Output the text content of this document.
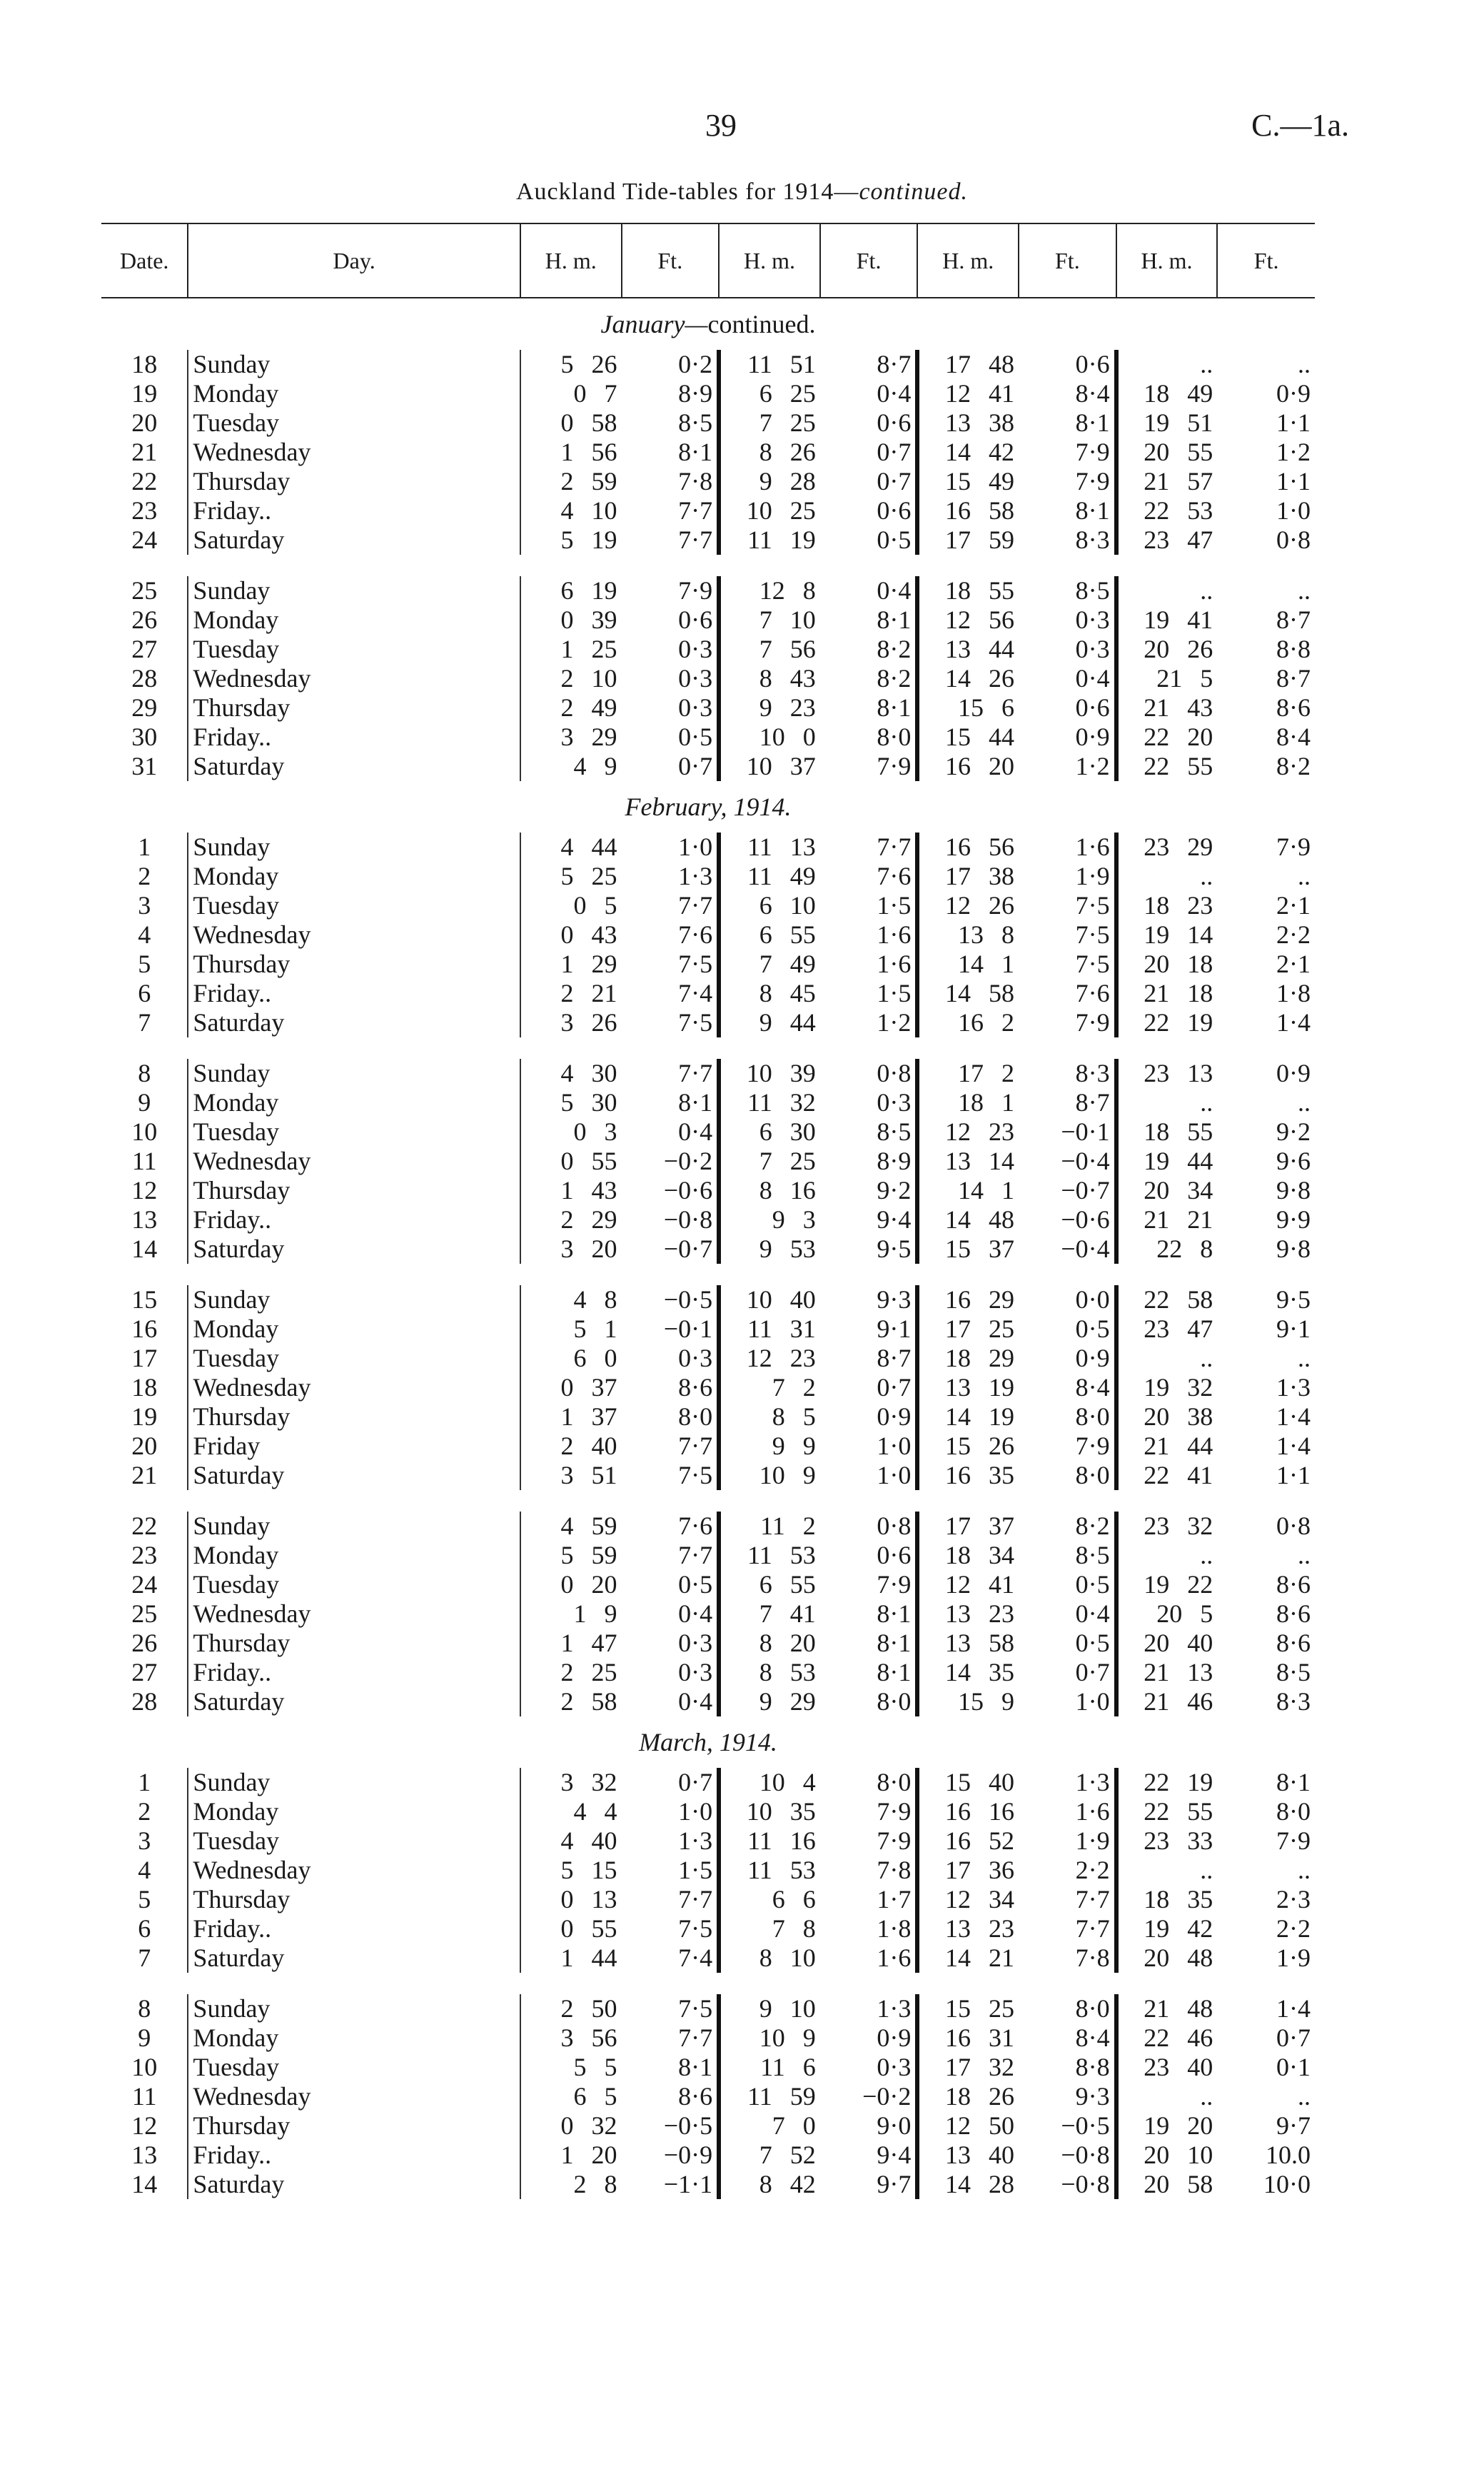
39	C.—1a.
Auckland Tide-tables for 1914—continued.
Date.	Day.	H. m.	Ft.	H. m.	Ft.	H. m.	Ft.	H. m.	Ft.
January—continued.									
18	Sunday	5 26	0·2	11 51	8·7	17 48	0·6	..	..
19	Monday	0 7	8·9	6 25	0·4	12 41	8·4	18 49	0·9
20	Tuesday	0 58	8·5	7 25	0·6	13 38	8·1	19 51	1·1
21	Wednesday	1 56	8·1	8 26	0·7	14 42	7·9	20 55	1·2
22	Thursday	2 59	7·8	9 28	0·7	15 49	7·9	21 57	1·1
23	Friday..	4 10	7·7	10 25	0·6	16 58	8·1	22 53	1·0
24	Saturday	5 19	7·7	11 19	0·5	17 59	8·3	23 47	0·8

25	Sunday	6 19	7·9	12 8	0·4	18 55	8·5	..	..
26	Monday	0 39	0·6	7 10	8·1	12 56	0·3	19 41	8·7
27	Tuesday	1 25	0·3	7 56	8·2	13 44	0·3	20 26	8·8
28	Wednesday	2 10	0·3	8 43	8·2	14 26	0·4	21 5	8·7
29	Thursday	2 49	0·3	9 23	8·1	15 6	0·6	21 43	8·6
30	Friday..	3 29	0·5	10 0	8·0	15 44	0·9	22 20	8·4
31	Saturday	4 9	0·7	10 37	7·9	16 20	1·2	22 55	8·2
February, 1914.									
1	Sunday	4 44	1·0	11 13	7·7	16 56	1·6	23 29	7·9
2	Monday	5 25	1·3	11 49	7·6	17 38	1·9	..	..
3	Tuesday	0 5	7·7	6 10	1·5	12 26	7·5	18 23	2·1
4	Wednesday	0 43	7·6	6 55	1·6	13 8	7·5	19 14	2·2
5	Thursday	1 29	7·5	7 49	1·6	14 1	7·5	20 18	2·1
6	Friday..	2 21	7·4	8 45	1·5	14 58	7·6	21 18	1·8
7	Saturday	3 26	7·5	9 44	1·2	16 2	7·9	22 19	1·4

8	Sunday	4 30	7·7	10 39	0·8	17 2	8·3	23 13	0·9
9	Monday	5 30	8·1	11 32	0·3	18 1	8·7	..	..
10	Tuesday	0 3	0·4	6 30	8·5	12 23	−0·1	18 55	9·2
11	Wednesday	0 55	−0·2	7 25	8·9	13 14	−0·4	19 44	9·6
12	Thursday	1 43	−0·6	8 16	9·2	14 1	−0·7	20 34	9·8
13	Friday..	2 29	−0·8	9 3	9·4	14 48	−0·6	21 21	9·9
14	Saturday	3 20	−0·7	9 53	9·5	15 37	−0·4	22 8	9·8

15	Sunday	4 8	−0·5	10 40	9·3	16 29	0·0	22 58	9·5
16	Monday	5 1	−0·1	11 31	9·1	17 25	0·5	23 47	9·1
17	Tuesday	6 0	0·3	12 23	8·7	18 29	0·9	..	..
18	Wednesday	0 37	8·6	7 2	0·7	13 19	8·4	19 32	1·3
19	Thursday	1 37	8·0	8 5	0·9	14 19	8·0	20 38	1·4
20	Friday	2 40	7·7	9 9	1·0	15 26	7·9	21 44	1·4
21	Saturday	3 51	7·5	10 9	1·0	16 35	8·0	22 41	1·1

22	Sunday	4 59	7·6	11 2	0·8	17 37	8·2	23 32	0·8
23	Monday	5 59	7·7	11 53	0·6	18 34	8·5	..	..
24	Tuesday	0 20	0·5	6 55	7·9	12 41	0·5	19 22	8·6
25	Wednesday	1 9	0·4	7 41	8·1	13 23	0·4	20 5	8·6
26	Thursday	1 47	0·3	8 20	8·1	13 58	0·5	20 40	8·6
27	Friday..	2 25	0·3	8 53	8·1	14 35	0·7	21 13	8·5
28	Saturday	2 58	0·4	9 29	8·0	15 9	1·0	21 46	8·3
March, 1914.									
1	Sunday	3 32	0·7	10 4	8·0	15 40	1·3	22 19	8·1
2	Monday	4 4	1·0	10 35	7·9	16 16	1·6	22 55	8·0
3	Tuesday	4 40	1·3	11 16	7·9	16 52	1·9	23 33	7·9
4	Wednesday	5 15	1·5	11 53	7·8	17 36	2·2	..	..
5	Thursday	0 13	7·7	6 6	1·7	12 34	7·7	18 35	2·3
6	Friday..	0 55	7·5	7 8	1·8	13 23	7·7	19 42	2·2
7	Saturday	1 44	7·4	8 10	1·6	14 21	7·8	20 48	1·9

8	Sunday	2 50	7·5	9 10	1·3	15 25	8·0	21 48	1·4
9	Monday	3 56	7·7	10 9	0·9	16 31	8·4	22 46	0·7
10	Tuesday	5 5	8·1	11 6	0·3	17 32	8·8	23 40	0·1
11	Wednesday	6 5	8·6	11 59	−0·2	18 26	9·3	..	..
12	Thursday	0 32	−0·5	7 0	9·0	12 50	−0·5	19 20	9·7
13	Friday..	1 20	−0·9	7 52	9·4	13 40	−0·8	20 10	10.0
14	Saturday	2 8	−1·1	8 42	9·7	14 28	−0·8	20 58	10·0
